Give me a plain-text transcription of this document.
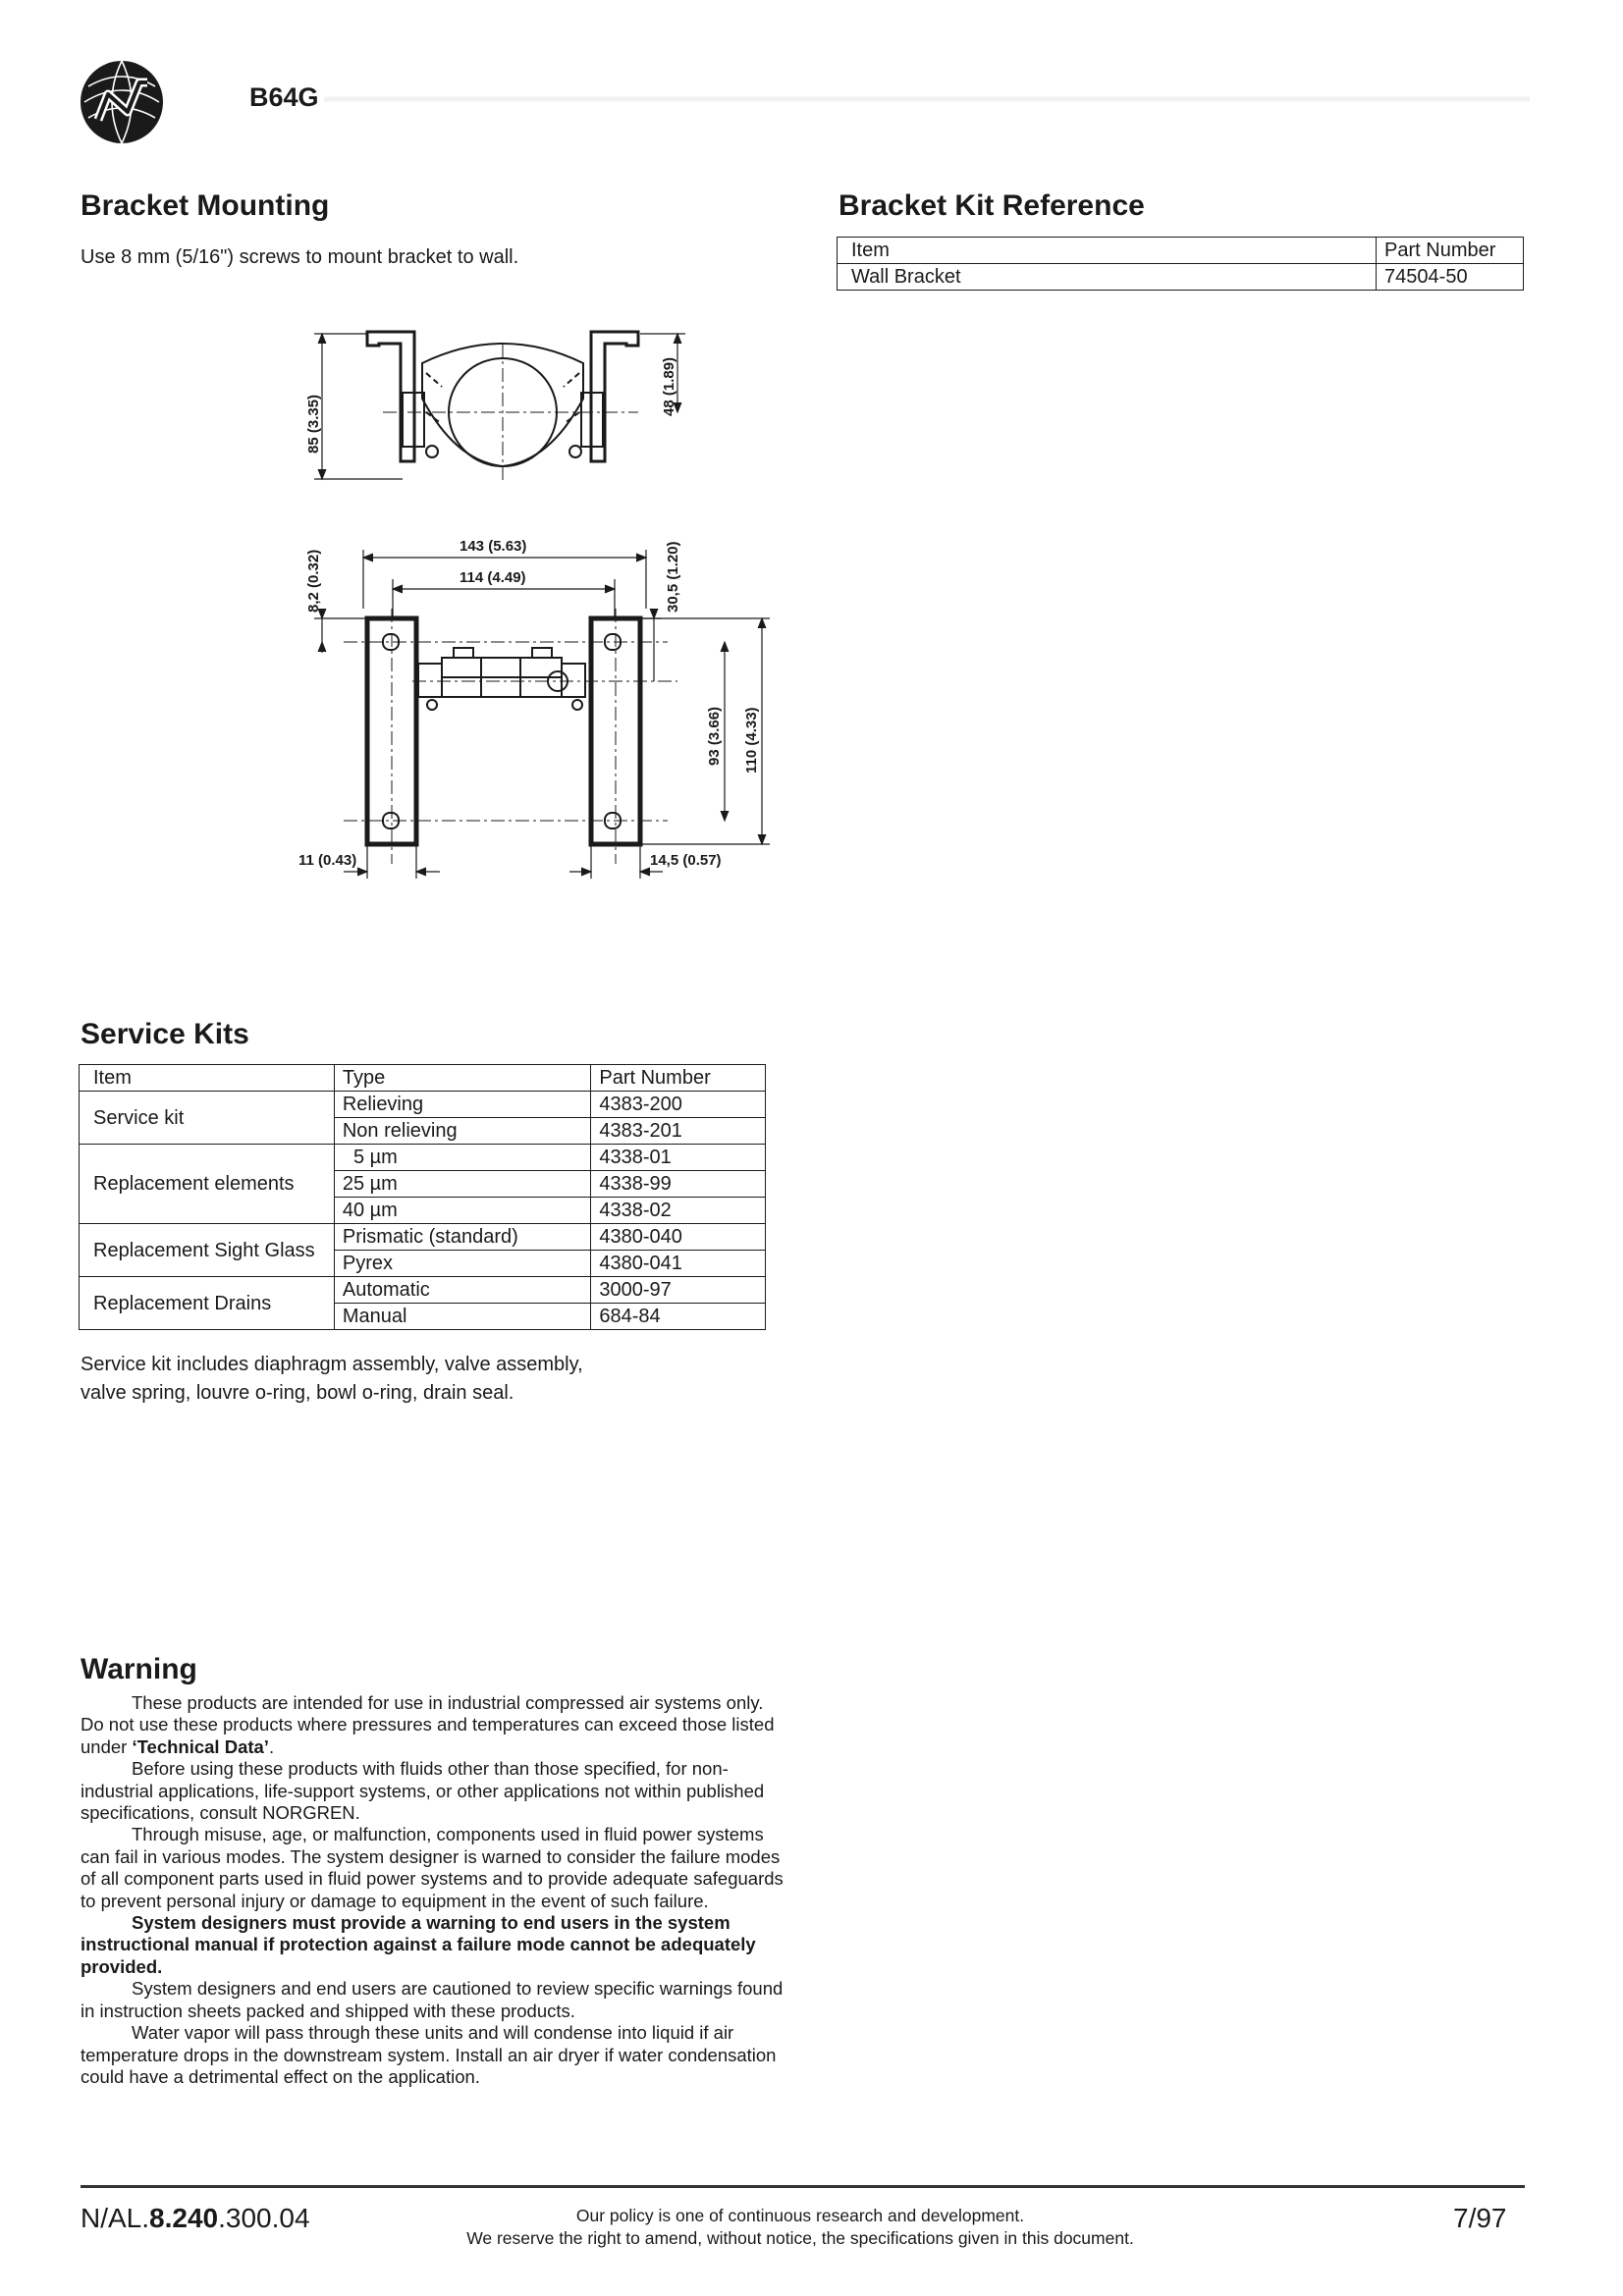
B64G
Bracket Mounting
Use 8 mm (5/16") screws to mount bracket to wall.
85 (3.35)
48 (1.89)
143 (5.63)
114 (4.49)
8,2 (0.32)	30,5 (1.20)
93 (3.66) 110 (4.33)
11 (0.43)	14,5 (0.57)
Bracket Kit Reference
Item	Part Number
Wall Bracket	74504-50
Service Kits
Item	Type	Part Number
Service kit	Relieving	4383-200
	Non relieving	4383-201
Replacement elements	5 µm	4338-01
	25 µm	4338-99
	40 µm	4338-02
Replacement Sight Glass	Prismatic (standard)	4380-040
	Pyrex	4380-041
Replacement Drains	Automatic	3000-97
	Manual	684-84
Service kit includes diaphragm assembly, valve assembly,
valve spring, louvre o-ring, bowl o-ring, drain seal.
Warning

These products are intended for use in industrial compressed air systems only. Do not use these products where pressures and temperatures can exceed those listed under ‘Technical Data’.

Before using these products with fluids other than those specified, for non-industrial applications, life-support systems, or other applications not within published specifications, consult NORGREN.

Through misuse, age, or malfunction, components used in fluid power systems can fail in various modes. The system designer is warned to consider the failure modes of all component parts used in fluid power systems and to provide adequate safeguards to prevent personal injury or damage to equipment in the event of such failure.

System designers must provide a warning to end users in the system instructional manual if protection against a failure mode cannot be adequately provided.

System designers and end users are cautioned to review specific warnings found in instruction sheets packed and shipped with these products.

Water vapor will pass through these units and will condense into liquid if air temperature drops in the downstream system. Install an air dryer if water condensation could have a detrimental effect on the application.

N/AL.8.240.300.04	Our policy is one of continuous research and development.
We reserve the right to amend, without notice, the specifications given in this document.
7/97
